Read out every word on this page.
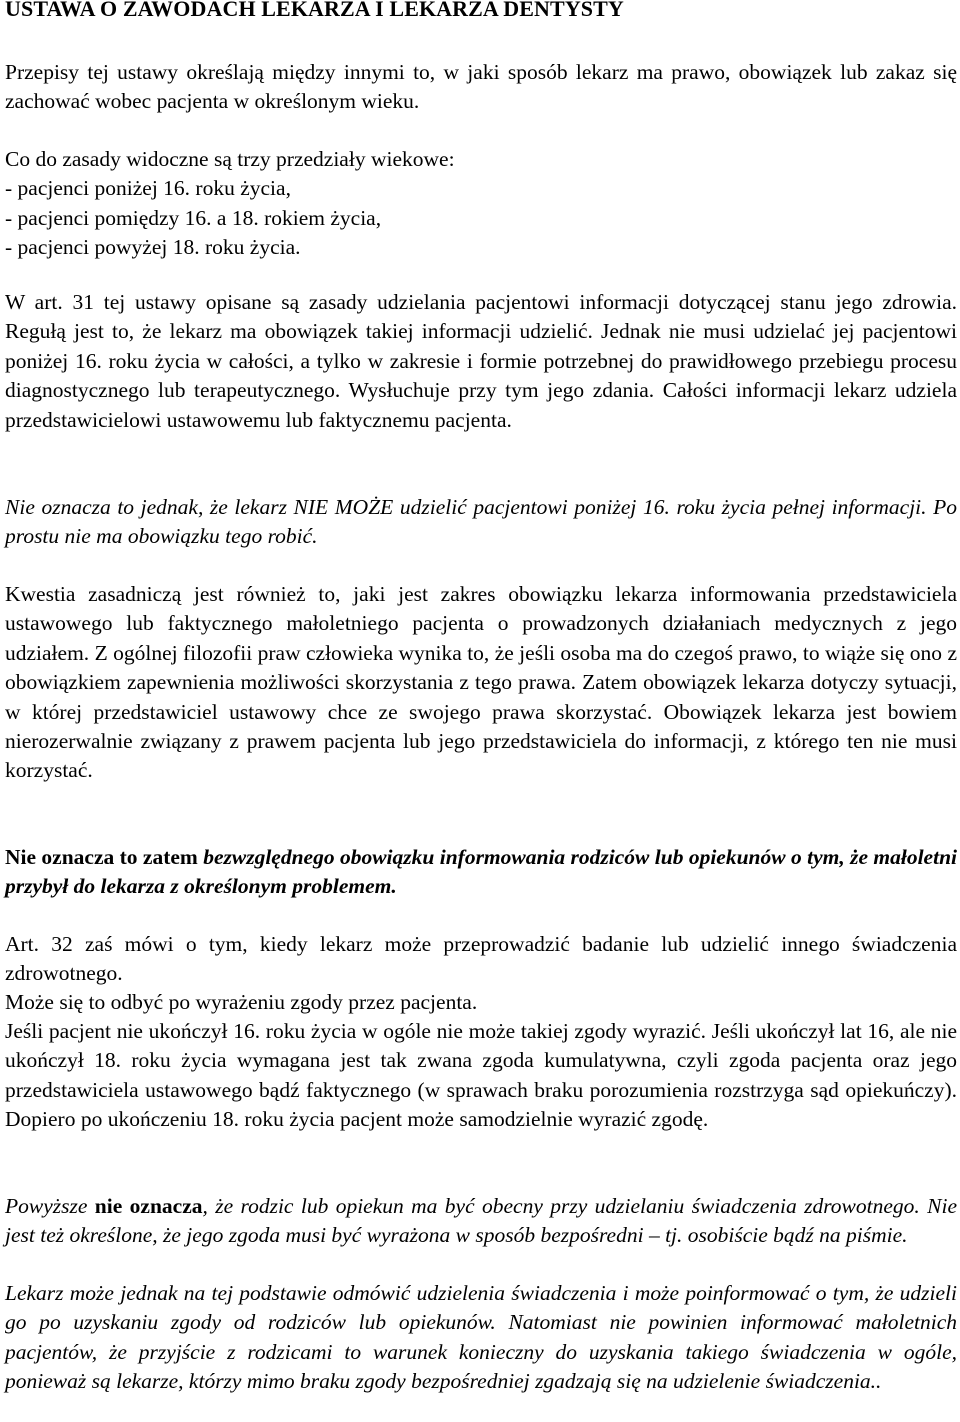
USTAWA O ZAWODACH LEKARZA I LEKARZA DENTYSTY

Przepisy tej ustawy określają między innymi to, w jaki sposób lekarz ma prawo, obowiązek lub zakaz się zachować wobec pacjenta w określonym wieku.

Co do zasady widoczne są trzy przedziały wiekowe:
- pacjenci poniżej 16. roku życia,
- pacjenci pomiędzy 16. a 18. rokiem życia,
- pacjenci powyżej 18. roku życia.

W art. 31 tej ustawy opisane są zasady udzielania pacjentowi informacji dotyczącej stanu jego zdrowia. Regułą jest to, że lekarz ma obowiązek takiej informacji udzielić. Jednak nie musi udzielać jej pacjentowi poniżej 16. roku życia w całości, a tylko w zakresie i formie potrzebnej do prawidłowego przebiegu procesu diagnostycznego lub terapeutycznego. Wysłuchuje przy tym jego zdania. Całości informacji lekarz udziela przedstawicielowi ustawowemu lub faktycznemu pacjenta.

Nie oznacza to jednak, że lekarz NIE MOŻE udzielić pacjentowi poniżej 16. roku życia pełnej informacji. Po prostu nie ma obowiązku tego robić.

Kwestia zasadniczą jest również to, jaki jest zakres obowiązku lekarza informowania przedstawiciela ustawowego lub faktycznego małoletniego pacjenta o prowadzonych działaniach medycznych z jego udziałem. Z ogólnej filozofii praw człowieka wynika to, że jeśli osoba ma do czegoś prawo, to wiąże się ono z obowiązkiem zapewnienia możliwości skorzystania z tego prawa. Zatem obowiązek lekarza dotyczy sytuacji, w której przedstawiciel ustawowy chce ze swojego prawa skorzystać. Obowiązek lekarza jest bowiem nierozerwalnie związany z prawem pacjenta lub jego przedstawiciela do informacji, z którego ten nie musi korzystać.

Nie oznacza to zatem bezwzględnego obowiązku informowania rodziców lub opiekunów o tym, że małoletni przybył do lekarza z określonym problemem.

Art. 32 zaś mówi o tym, kiedy lekarz może przeprowadzić badanie lub udzielić innego świadczenia zdrowotnego.

Może się to odbyć po wyrażeniu zgody przez pacjenta.

Jeśli pacjent nie ukończył 16. roku życia w ogóle nie może takiej zgody wyrazić. Jeśli ukończył lat 16, ale nie ukończył 18. roku życia wymagana jest tak zwana zgoda kumulatywna, czyli zgoda pacjenta oraz jego przedstawiciela ustawowego bądź faktycznego (w sprawach braku porozumienia rozstrzyga sąd opiekuńczy). Dopiero po ukończeniu 18. roku życia pacjent może samodzielnie wyrazić zgodę.

Powyższe nie oznacza, że rodzic lub opiekun ma być obecny przy udzielaniu świadczenia zdrowotnego. Nie jest też określone, że jego zgoda musi być wyrażona w sposób bezpośredni – tj. osobiście bądź na piśmie.

Lekarz może jednak na tej podstawie odmówić udzielenia świadczenia i może poinformować o tym, że udzieli go po uzyskaniu zgody od rodziców lub opiekunów. Natomiast nie powinien informować małoletnich pacjentów, że przyjście z rodzicami to warunek konieczny do uzyskania takiego świadczenia w ogóle, ponieważ są lekarze, którzy mimo braku zgody bezpośredniej zgadzają się na udzielenie świadczenia..
